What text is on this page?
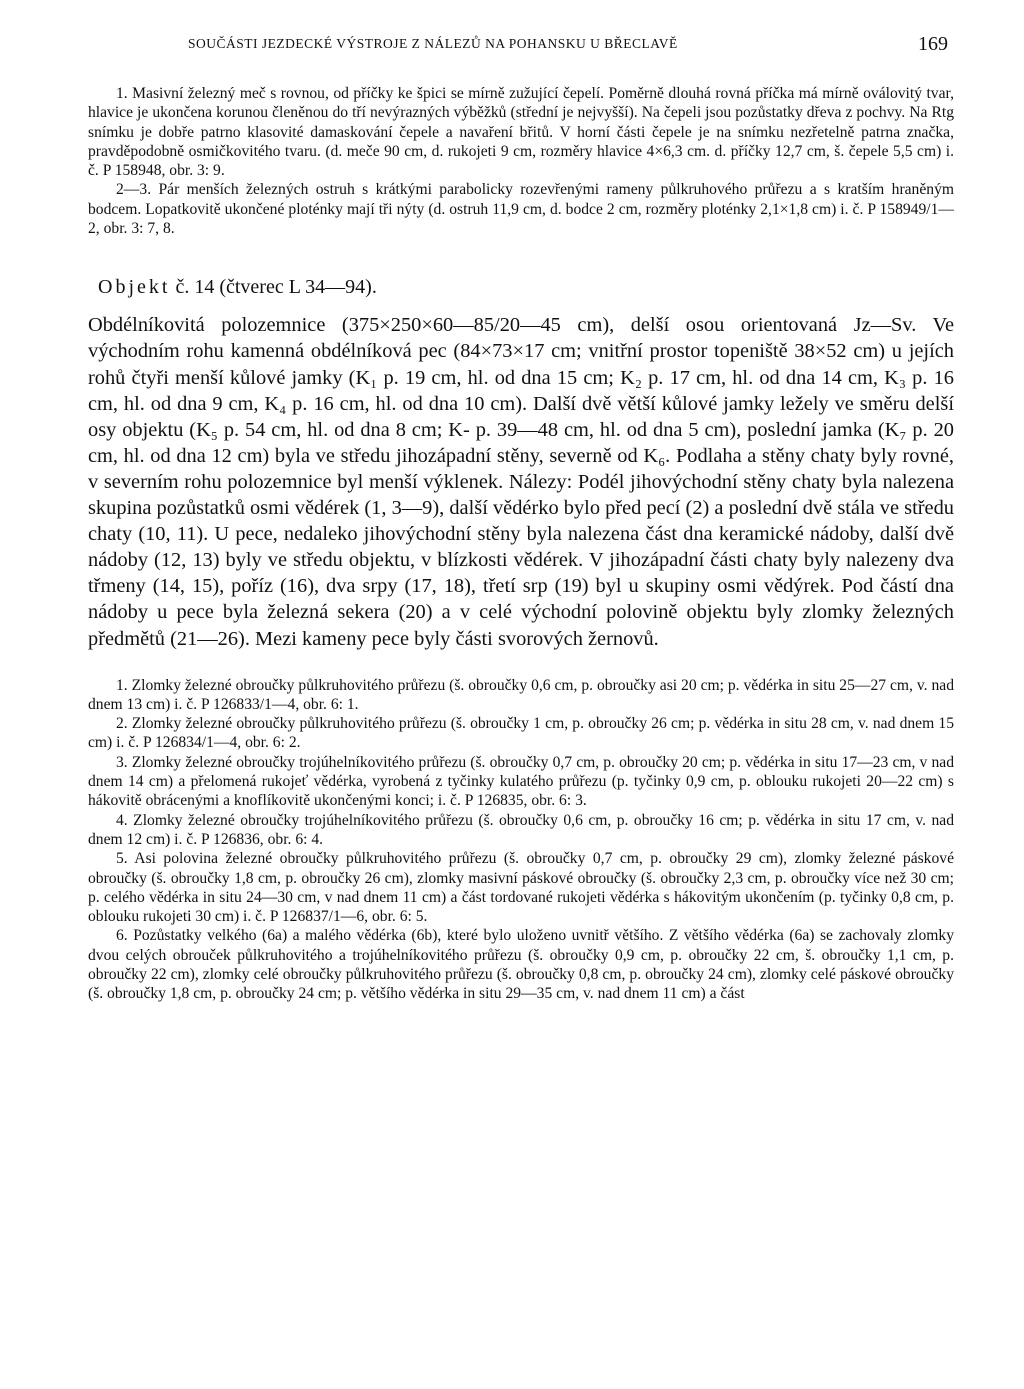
SOUČÁSTI JEZDECKÉ VÝSTROJE Z NÁLEZŮ NA POHANSKU U BŘECLAVĚ	169

1. Masivní železný meč s rovnou, od příčky ke špici se mírně zužující čepelí. Poměrně dlouhá rovná příčka má mírně oválovitý tvar, hlavice je ukončena korunou členěnou do tří nevýrazných výběžků (střední je nejvyšší). Na čepeli jsou pozůstatky dřeva z pochvy. Na Rtg snímku je dobře patrno klasovité damaskování čepele a navaření břitů. V horní části čepele je na snímku nezřetelně patrna značka, pravděpodobně osmičkovitého tvaru. (d. meče 90 cm, d. rukojeti 9 cm, rozměry hlavice 4×6,3 cm. d. příčky 12,7 cm, š. čepele 5,5 cm) i. č. P 158948, obr. 3: 9.

2—3. Pár menších železných ostruh s krátkými parabolicky rozevřenými rameny půlkruhového průřezu a s kratším hraněným bodcem. Lopatkovitě ukončené ploténky mají tři nýty (d. ostruh 11,9 cm, d. bodce 2 cm, rozměry ploténky 2,1×1,8 cm) i. č. P 158949/1—2, obr. 3: 7, 8.

Objekt č. 14 (čtverec L 34—94).

Obdélníkovitá polozemnice (375×250×60—85/20—45 cm), delší osou orientovaná Jz—Sv. Ve východním rohu kamenná obdélníková pec (84×73×17 cm; vnitřní prostor topeniště 38×52 cm) u jejích rohů čtyři menší kůlové jamky (K₁ p. 19 cm, hl. od dna 15 cm; K₂ p. 17 cm, hl. od dna 14 cm, K₃ p. 16 cm, hl. od dna 9 cm, K₄ p. 16 cm, hl. od dna 10 cm). Další dvě větší kůlové jamky ležely ve směru delší osy objektu (K₅ p. 54 cm, hl. od dna 8 cm; K- p. 39—48 cm, hl. od dna 5 cm), poslední jamka (K₇ p. 20 cm, hl. od dna 12 cm) byla ve středu jihozápadní stěny, severně od K₆. Podlaha a stěny chaty byly rovné, v severním rohu polozemnice byl menší výklenek. Nálezy: Podél jihovýchodní stěny chaty byla nalezena skupina pozůstatků osmi vědérek (1, 3—9), další vědérko bylo před pecí (2) a poslední dvě stála ve středu chaty (10, 11). U pece, nedaleko jihovýchodní stěny byla nalezena část dna keramické nádoby, další dvě nádoby (12, 13) byly ve středu objektu, v blízkosti vědérek. V jihozápadní části chaty byly nalezeny dva třmeny (14, 15), poříz (16), dva srpy (17, 18), třetí srp (19) byl u skupiny osmi vědýrek. Pod částí dna nádoby u pece byla železná sekera (20) a v celé východní polovině objektu byly zlomky železných předmětů (21—26). Mezi kameny pece byly části svorových žernovů.

1. Zlomky železné obroučky půlkruhovitého průřezu (š. obroučky 0,6 cm, p. obroučky asi 20 cm; p. vědérka in situ 25—27 cm, v. nad dnem 13 cm) i. č. P 126833/1—4, obr. 6: 1.

2. Zlomky železné obroučky půlkruhovitého průřezu (š. obroučky 1 cm, p. obroučky 26 cm; p. vědérka in situ 28 cm, v. nad dnem 15 cm) i. č. P 126834/1—4, obr. 6: 2.

3. Zlomky železné obroučky trojúhelníkovitého průřezu (š. obroučky 0,7 cm, p. obroučky 20 cm; p. vědérka in situ 17—23 cm, v nad dnem 14 cm) a přelomená rukojeť vědérka, vyrobená z tyčinky kulatého průřezu (p. tyčinky 0,9 cm, p. oblouku rukojeti 20—22 cm) s hákovitě obrácenými a knoflíkovitě ukončenými konci; i. č. P 126835, obr. 6: 3.

4. Zlomky železné obroučky trojúhelníkovitého průřezu (š. obroučky 0,6 cm, p. obroučky 16 cm; p. vědérka in situ 17 cm, v. nad dnem 12 cm) i. č. P 126836, obr. 6: 4.

5. Asi polovina železné obroučky půlkruhovitého průřezu (š. obroučky 0,7 cm, p. obroučky 29 cm), zlomky železné páskové obroučky (š. obroučky 1,8 cm, p. obroučky 26 cm), zlomky masivní páskové obroučky (š. obroučky 2,3 cm, p. obroučky více než 30 cm; p. celého vědérka in situ 24—30 cm, v nad dnem 11 cm) a část tordované rukojeti vědérka s hákovitým ukončením (p. tyčinky 0,8 cm, p. oblouku rukojeti 30 cm) i. č. P 126837/1—6, obr. 6: 5.

6. Pozůstatky velkého (6a) a malého vědérka (6b), které bylo uloženo uvnitř většího. Z většího vědérka (6a) se zachovaly zlomky dvou celých obrouček půlkruhovitého a trojúhelníkovitého průřezu (š. obroučky 0,9 cm, p. obroučky 22 cm, š. obroučky 1,1 cm, p. obroučky 22 cm), zlomky celé obroučky půlkruhovitého průřezu (š. obroučky 0,8 cm, p. obroučky 24 cm), zlomky celé páskové obroučky (š. obroučky 1,8 cm, p. obroučky 24 cm; p. většího vědérka in situ 29—35 cm, v. nad dnem 11 cm) a část
